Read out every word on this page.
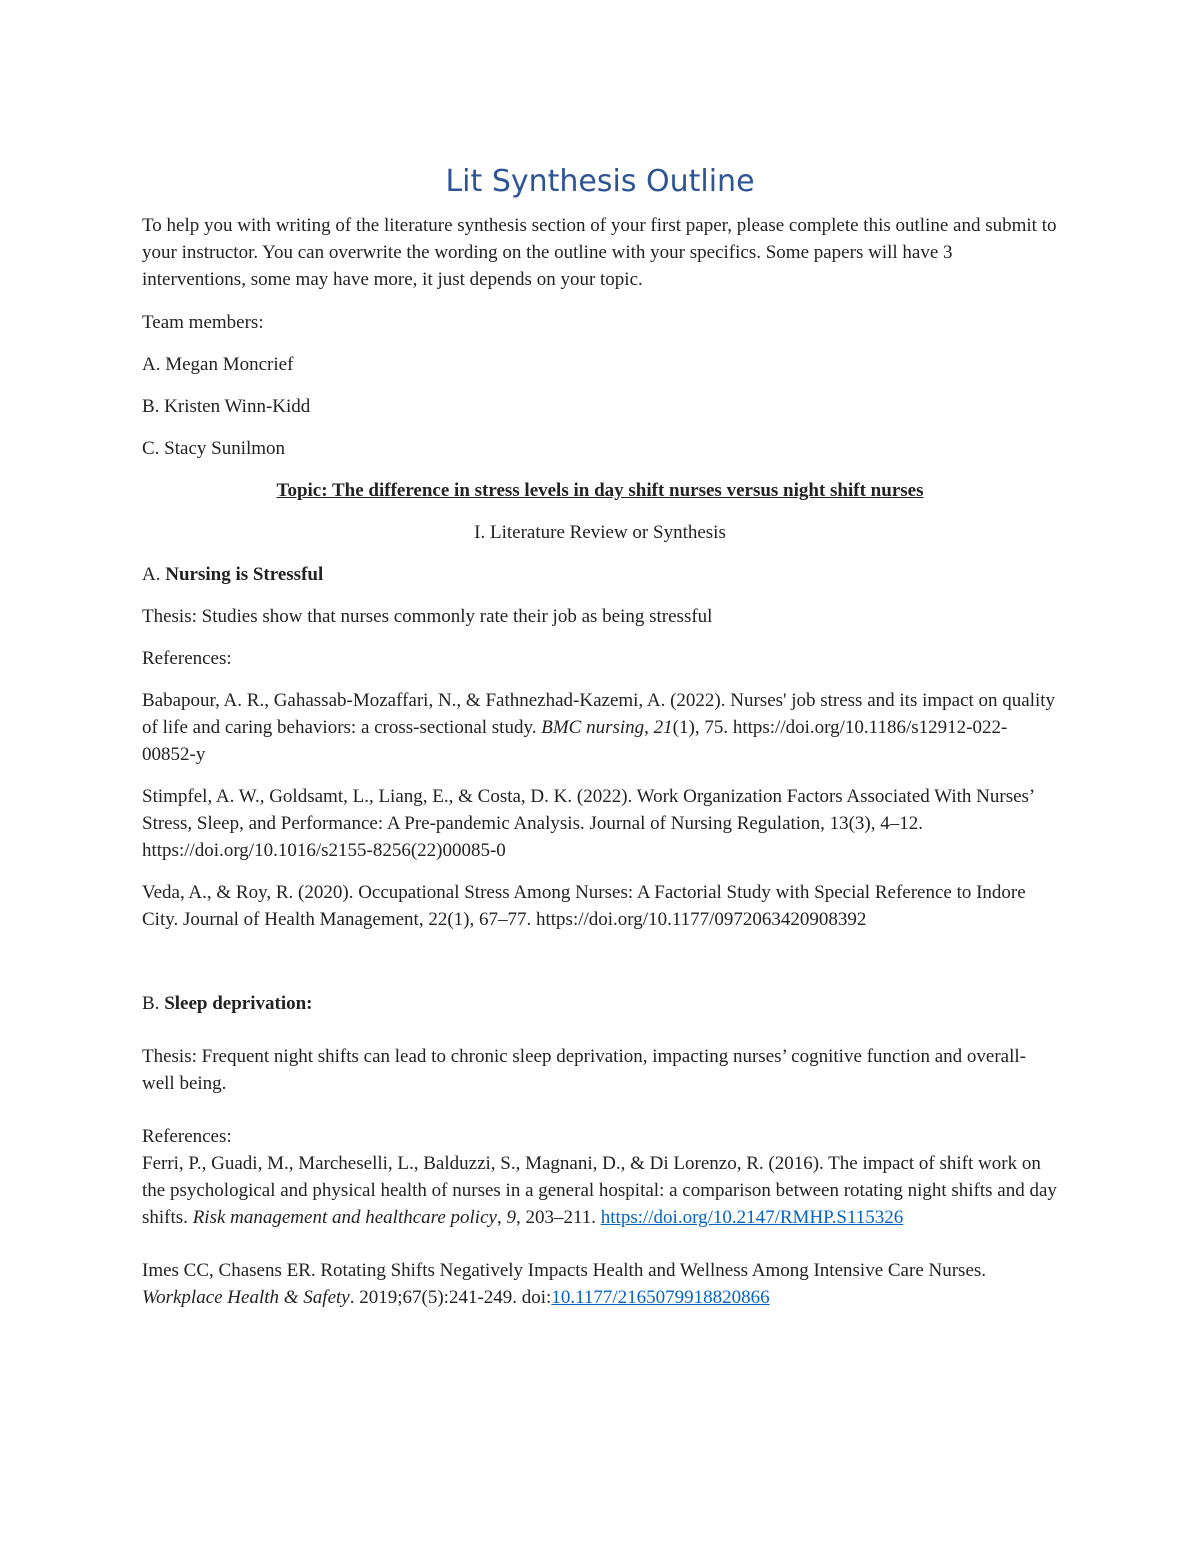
Lit Synthesis Outline

To help you with writing of the literature synthesis section of your first paper, please complete this outline and submit to your instructor. You can overwrite the wording on the outline with your specifics. Some papers will have 3 interventions, some may have more, it just depends on your topic.

Team members:

A. Megan Moncrief

B. Kristen Winn-Kidd

C. Stacy Sunilmon

Topic: The difference in stress levels in day shift nurses versus night shift nurses

I. Literature Review or Synthesis

A. Nursing is Stressful

Thesis: Studies show that nurses commonly rate their job as being stressful

References:

Babapour, A. R., Gahassab-Mozaffari, N., & Fathnezhad-Kazemi, A. (2022). Nurses' job stress and its impact on quality of life and caring behaviors: a cross-sectional study. BMC nursing, 21(1), 75. https://doi.org/10.1186/s12912-022-00852-y

Stimpfel, A. W., Goldsamt, L., Liang, E., & Costa, D. K. (2022). Work Organization Factors Associated With Nurses’ Stress, Sleep, and Performance: A Pre-pandemic Analysis. Journal of Nursing Regulation, 13(3), 4–12. https://doi.org/10.1016/s2155-8256(22)00085-0

Veda, A., & Roy, R. (2020). Occupational Stress Among Nurses: A Factorial Study with Special Reference to Indore City. Journal of Health Management, 22(1), 67–77. https://doi.org/10.1177/0972063420908392

B. Sleep deprivation:

Thesis: Frequent night shifts can lead to chronic sleep deprivation, impacting nurses’ cognitive function and overall-well being.

References:

Ferri, P., Guadi, M., Marcheselli, L., Balduzzi, S., Magnani, D., & Di Lorenzo, R. (2016). The impact of shift work on the psychological and physical health of nurses in a general hospital: a comparison between rotating night shifts and day shifts. Risk management and healthcare policy, 9, 203–211. https://doi.org/10.2147/RMHP.S115326

Imes CC, Chasens ER. Rotating Shifts Negatively Impacts Health and Wellness Among Intensive Care Nurses. Workplace Health & Safety. 2019;67(5):241-249. doi:10.1177/2165079918820866
